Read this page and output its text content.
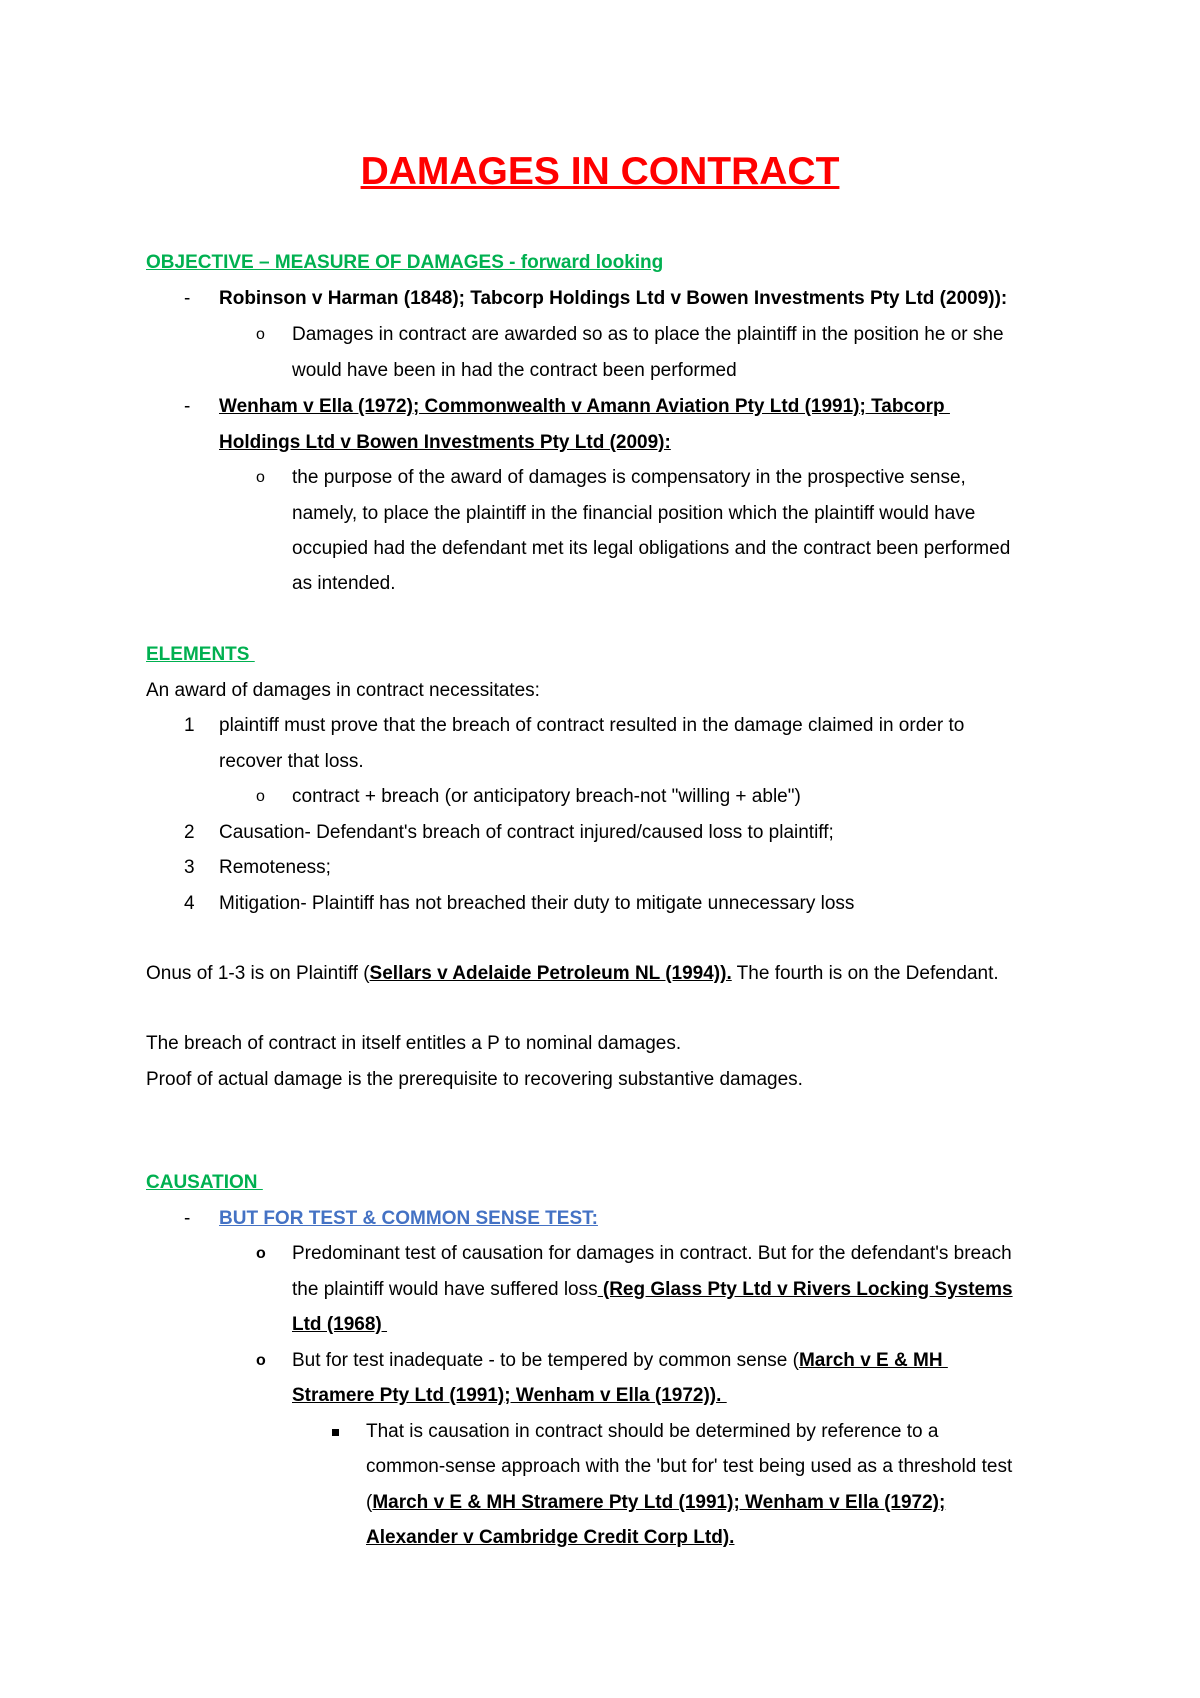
DAMAGES IN CONTRACT
OBJECTIVE – MEASURE OF DAMAGES - forward looking
- Robinson v Harman (1848); Tabcorp Holdings Ltd v Bowen Investments Pty Ltd (2009)):
o Damages in contract are awarded so as to place the plaintiff in the position he or she
would have been in had the contract been performed
- Wenham v Ella (1972); Commonwealth v Amann Aviation Pty Ltd (1991); Tabcorp
Holdings Ltd v Bowen Investments Pty Ltd (2009):
o the purpose of the award of damages is compensatory in the prospective sense,
namely, to place the plaintiff in the financial position which the plaintiff would have
occupied had the defendant met its legal obligations and the contract been performed
as intended.
ELEMENTS
An award of damages in contract necessitates:
1 plaintiff must prove that the breach of contract resulted in the damage claimed in order to
recover that loss.
o contract + breach (or anticipatory breach-not "willing + able")
2 Causation- Defendant's breach of contract injured/caused loss to plaintiff;
3 Remoteness;
4 Mitigation- Plaintiff has not breached their duty to mitigate unnecessary loss
Onus of 1-3 is on Plaintiff (Sellars v Adelaide Petroleum NL (1994)). The fourth is on the Defendant.
The breach of contract in itself entitles a P to nominal damages.
Proof of actual damage is the prerequisite to recovering substantive damages.
CAUSATION
- BUT FOR TEST & COMMON SENSE TEST:
o Predominant test of causation for damages in contract. But for the defendant's breach
the plaintiff would have suffered loss (Reg Glass Pty Ltd v Rivers Locking Systems
Ltd (1968)
o But for test inadequate - to be tempered by common sense (March v E & MH
Stramere Pty Ltd (1991); Wenham v Ella (1972)).
That is causation in contract should be determined by reference to a
common-sense approach with the 'but for' test being used as a threshold test
(March v E & MH Stramere Pty Ltd (1991); Wenham v Ella (1972);
Alexander v Cambridge Credit Corp Ltd).
